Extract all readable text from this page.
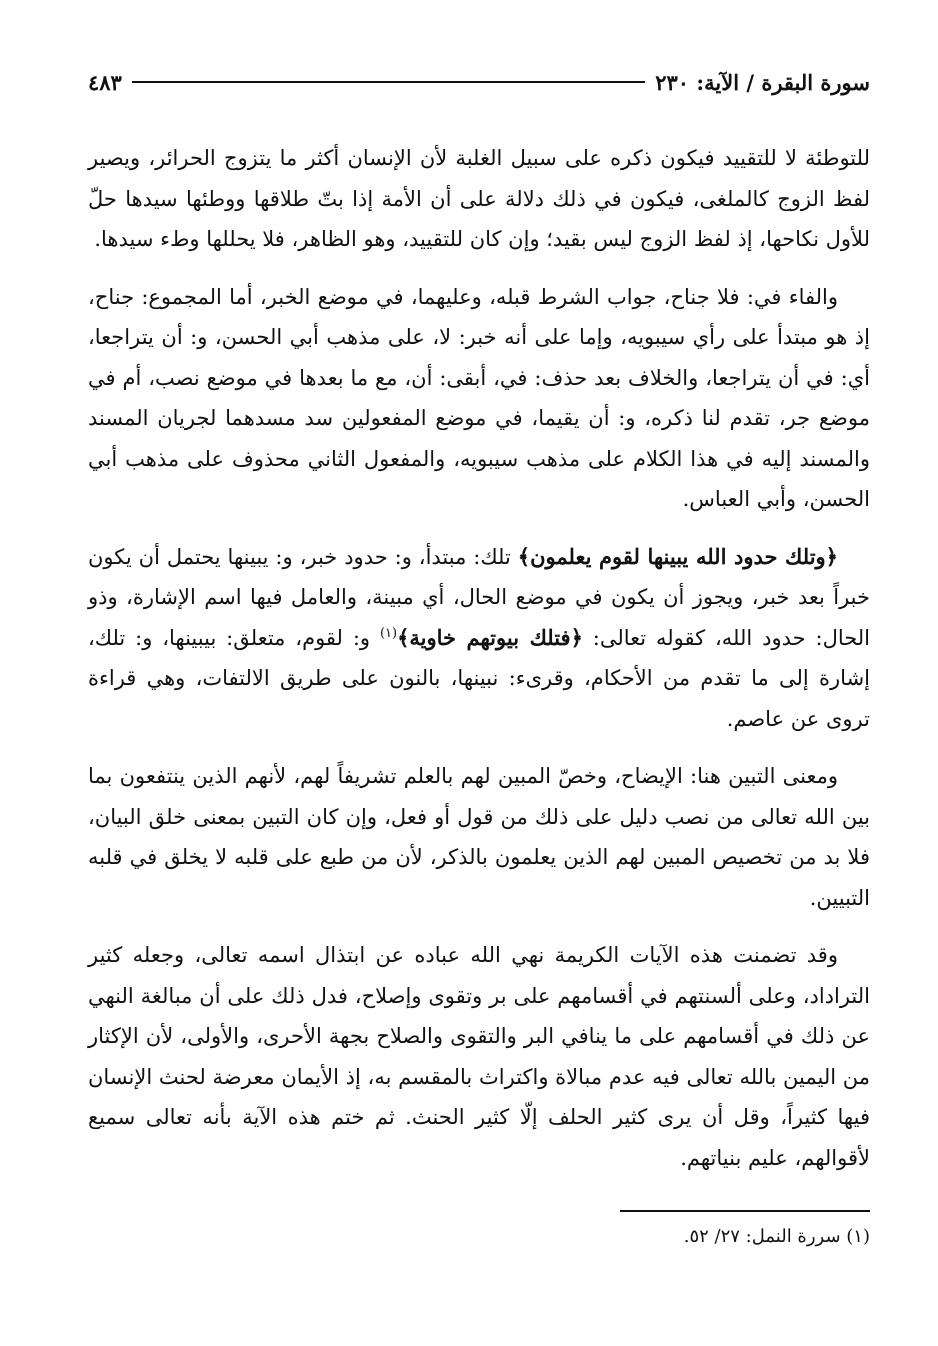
سورة البقرة / الآية: ٢٣٠
٤٨٣

للتوطئة لا للتقييد فيكون ذكره على سبيل الغلبة لأن الإنسان أكثر ما يتزوج الحرائر، ويصير لفظ الزوج كالملغى، فيكون في ذلك دلالة على أن الأمة إذا بتّ طلاقها ووطئها سيدها حلّ للأول نكاحها، إذ لفظ الزوج ليس بقيد؛ وإن كان للتقييد، وهو الظاهر، فلا يحللها وطء سيدها.

والفاء في: فلا جناح، جواب الشرط قبله، وعليهما، في موضع الخبر، أما المجموع: جناح، إذ هو مبتدأ على رأي سيبويه، وإما على أنه خبر: لا، على مذهب أبي الحسن، و: أن يتراجعا، أي: في أن يتراجعا، والخلاف بعد حذف: في، أبقى: أن، مع ما بعدها في موضع نصب، أم في موضع جر، تقدم لنا ذكره، و: أن يقيما، في موضع المفعولين سد مسدهما لجريان المسند والمسند إليه في هذا الكلام على مذهب سيبويه، والمفعول الثاني محذوف على مذهب أبي الحسن، وأبي العباس.

﴿وتلك حدود الله يبينها لقوم يعلمون﴾ تلك: مبتدأ، و: حدود خبر، و: يبينها يحتمل أن يكون خبراً بعد خبر، ويجوز أن يكون في موضع الحال، أي مبينة، والعامل فيها اسم الإشارة، وذو الحال: حدود الله، كقوله تعالى: ﴿فتلك بيوتهم خاوية﴾$^{(١)}$ و: لقوم، متعلق: بيبينها، و: تلك، إشارة إلى ما تقدم من الأحكام، وقرىء: نبينها، بالنون على طريق الالتفات، وهي قراءة تروى عن عاصم.

ومعنى التبين هنا: الإيضاح، وخصّ المبين لهم بالعلم تشريفاً لهم، لأنهم الذين ينتفعون بما بين الله تعالى من نصب دليل على ذلك من قول أو فعل، وإن كان التبين بمعنى خلق البيان، فلا بد من تخصيص المبين لهم الذين يعلمون بالذكر، لأن من طبع على قلبه لا يخلق في قلبه التبيين.

وقد تضمنت هذه الآيات الكريمة نهي الله عباده عن ابتذال اسمه تعالى، وجعله كثير التراداد، وعلى ألسنتهم في أقسامهم على بر وتقوى وإصلاح، فدل ذلك على أن مبالغة النهي عن ذلك في أقسامهم على ما ينافي البر والتقوى والصلاح بجهة الأحرى، والأولى، لأن الإكثار من اليمين بالله تعالى فيه عدم مبالاة واكتراث بالمقسم به، إذ الأيمان معرضة لحنث الإنسان فيها كثيراً، وقل أن يرى كثير الحلف إلّا كثير الحنث. ثم ختم هذه الآية بأنه تعالى سميع لأقوالهم، عليم بنياتهم.

(١) سررة النمل: ٢٧/ ٥٢.
